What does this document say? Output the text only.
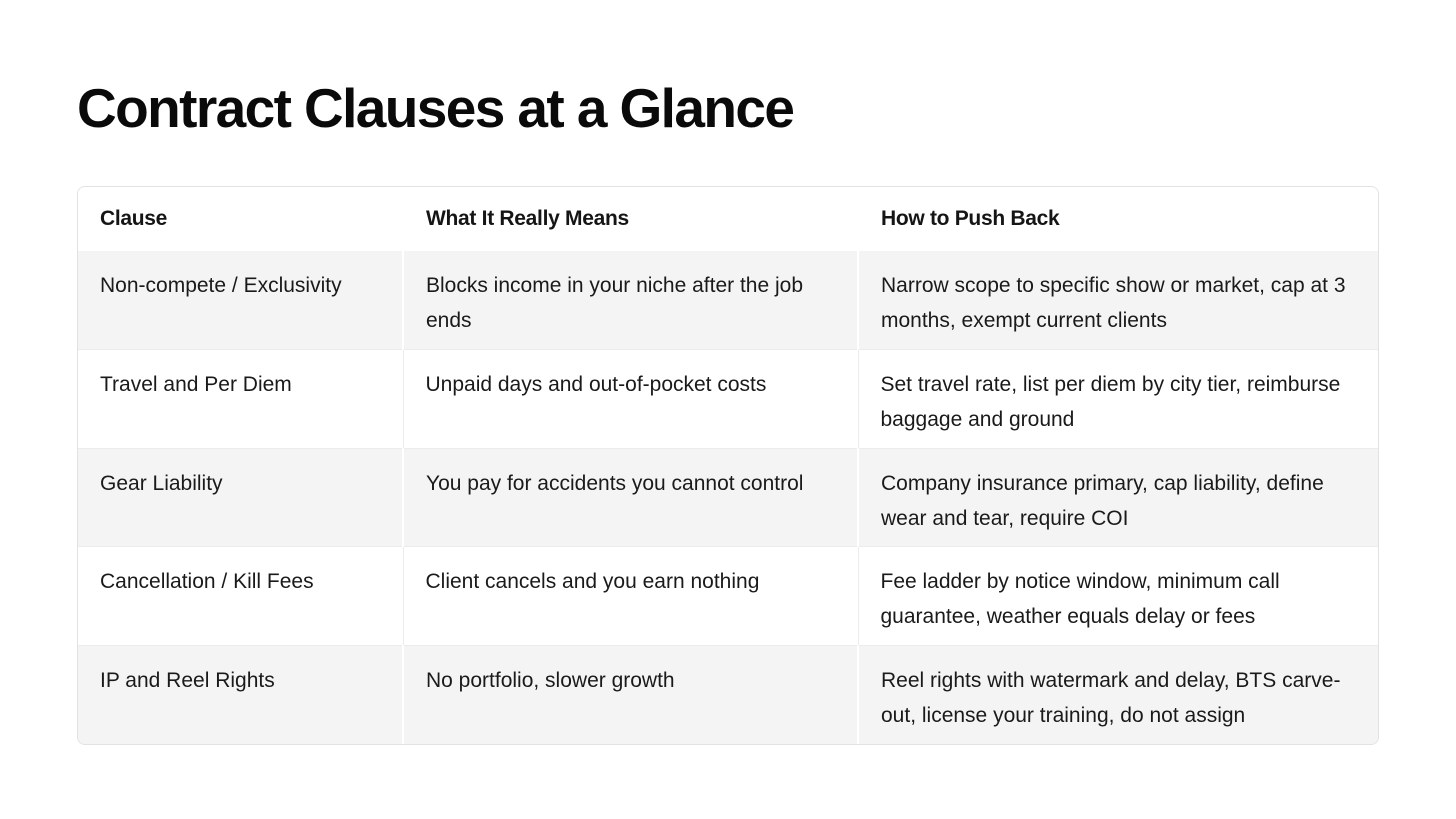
Contract Clauses at a Glance
Clause	What It Really Means	How to Push Back
Non-compete / Exclusivity	Blocks income in your niche after the job ends	Narrow scope to specific show or market, cap at 3 months, exempt current clients
Travel and Per Diem	Unpaid days and out-of-pocket costs	Set travel rate, list per diem by city tier, reimburse baggage and ground
Gear Liability	You pay for accidents you cannot control	Company insurance primary, cap liability, define wear and tear, require COI
Cancellation / Kill Fees	Client cancels and you earn nothing	Fee ladder by notice window, minimum call guarantee, weather equals delay or fees
IP and Reel Rights	No portfolio, slower growth	Reel rights with watermark and delay, BTS carve-out, license your training, do not assign
